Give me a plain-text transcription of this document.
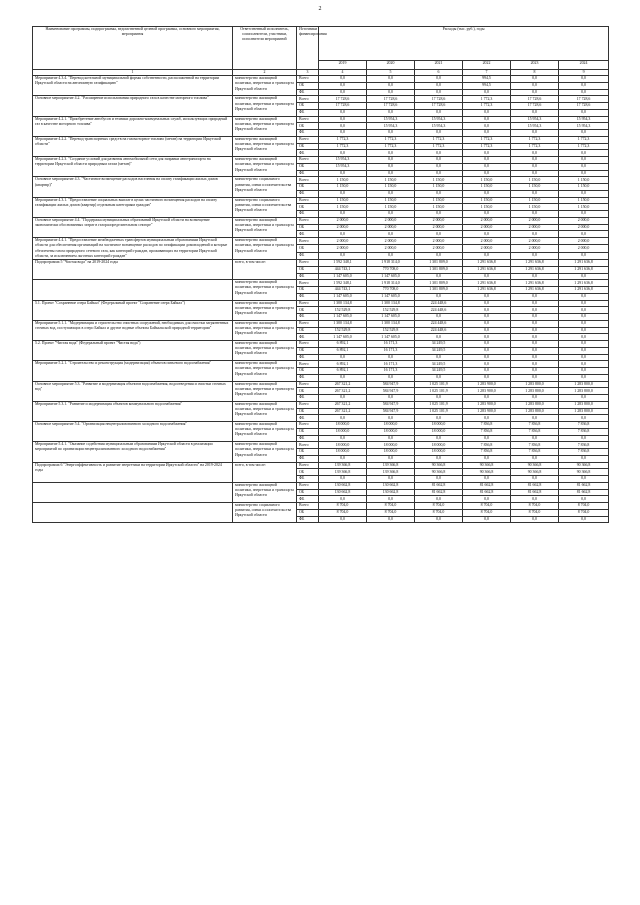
2
Наименование программы, подпрограммы, ведомственной целевой программы, основного мероприятия, мероприятия	Ответственный исполнитель, соисполнители, участники, исполнители мероприятий	Источники финансирования	Расходы (тыс. руб.), годы					
			2019	2020	2021	2022	2023	2024
1	2	3	4	5	6	7	8	9
Мероприятие 4.3.4. "Перевод котельной муниципальной формы собственности, расположенной на территории Иркутской области на автономную газификацию"	министерство жилищной политики, энергетики и транспорта Иркутской области	Всего	0,0	0,0	0,0	994,5	0,0	0,0
		ОБ	0,0	0,0	0,0	994,5	0,0	0,0
		ФБ	0,0	0,0	0,0	0,0	0,0	0,0
Основное мероприятие 4.2. "Расширение использования природного газа в качестве моторного топлива"	министерство жилищной политики, энергетики и транспорта Иркутской области	Всего	17 728,6	17 728,6	17 728,6	1 772,3	17 728,6	17 728,6
		ОБ	17 728,6	17 728,6	17 728,6	1 772,3	17 728,6	17 728,6
		ФБ	0,0	0,0	0,0	0,0	0,0	0,0
Мероприятие 4.2.1. "Приобретение автобусов и техники дорожно-коммунальных служб, использующих природный газ в качестве моторного топлива"	министерство жилищной политики, энергетики и транспорта Иркутской области	Всего	0,0	15 954,3	15 954,3	0,0	15 954,3	15 954,3
		ОБ	0,0	15 954,3	15 954,3	0,0	15 954,3	15 954,3
		ФБ	0,0	0,0	0,0	0,0	0,0	0,0
Мероприятие 4.2.2. "Перевод транспортных средств на газомоторное топливо (метан) на территории Иркутской области"	министерство жилищной политики, энергетики и транспорта Иркутской области	Всего	1 772,3	1 772,3	1 772,3	1 772,3	1 772,3	1 772,3
		ОБ	1 772,3	1 772,3	1 772,3	1 772,3	1 772,3	1 772,3
		ФБ	0,0	0,0	0,0	0,0	0,0	0,0
Мероприятие 4.2.3. "Создание условий для развития автомобильной сети для заправки автотранспорта на территории Иркутской области природным газом (метан)"	министерство жилищной политики, энергетики и транспорта Иркутской области	Всего	15 954,3	0,0	0,0	0,0	0,0	0,0
		ОБ	15 954,3	0,0	0,0	0,0	0,0	0,0
		ФБ	0,0	0,0	0,0	0,0	0,0	0,0
Основное мероприятие 4.3. "Частичное возмещение расходов населения на оплату газификации жилых домов (квартир)"	министерство социального развития, опеки и попечительства Иркутской области	Всего	1 150,0	1 150,0	1 150,0	1 150,0	1 150,0	1 150,0
		ОБ	1 150,0	1 150,0	1 150,0	1 150,0	1 150,0	1 150,0
		ФБ	0,0	0,0	0,0	0,0	0,0	0,0
Мероприятие 4.3.1. "Предоставление социальных выплат в целях частичного возмещения расходов на оплату газификации жилых домов (квартир) отдельным категориям граждан"	министерство социального развития, опеки и попечительства Иркутской области	Всего	1 150,0	1 150,0	1 150,0	1 150,0	1 150,0	1 150,0
		ОБ	1 150,0	1 150,0	1 150,0	1 150,0	1 150,0	1 150,0
		ФБ	0,0	0,0	0,0	0,0	0,0	0,0
Основное мероприятие 4.4. "Поддержка муниципальных образований Иркутской области на возмещение экономически обоснованных затрат в газораспределительном секторе"	министерство жилищной политики, энергетики и транспорта Иркутской области	Всего	2 000,0	2 000,0	2 000,0	2 000,0	2 000,0	2 000,0
		ОБ	2 000,0	2 000,0	2 000,0	2 000,0	2 000,0	2 000,0
		ФБ	0,0	0,0	0,0	0,0	0,0	0,0
Мероприятие 4.4.1. "Предоставление межбюджетных трансфертов муниципальным образованиям Иркутской области для обеспечения организаций на частичное возмещение расходов по газификации домовладений и которые обеспечены газом природного сетевого газа, как категорий граждан, проживающих на территории Иркутской области, за исключением льготных категорий граждан"	министерство жилищной политики, энергетики и транспорта Иркутской области	Всего	2 000,0	2 000,0	2 000,0	2 000,0	2 000,0	2 000,0
		ОБ	2 000,0	2 000,0	2 000,0	2 000,0	2 000,0	2 000,0
		ФБ	0,0	0,0	0,0	0,0	0,0	0,0
Подпрограмма 5 "Чистая вода" на 2019-2024 годы	всего, в том числе:	Всего	1 592 348,1	1 918 314,0	1 301 809,0	1 291 636,8	1 291 636,8	1 291 636,8
		ОБ	444 743,1	770 708,0	1 301 809,0	1 291 636,8	1 291 636,8	1 291 636,8
		ФБ	1 147 605,0	1 147 605,0	0,0	0,0	0,0	0,0
	министерство жилищной политики, энергетики и транспорта Иркутской области	Всего	1 592 348,1	1 918 314,0	1 301 809,0	1 291 636,8	1 291 636,8	1 291 636,8
		ОБ	444 743,1	770 708,0	1 301 809,0	1 291 636,8	1 291 636,8	1 291 636,8
		ФБ	1 147 605,0	1 147 605,0	0,0	0,0	0,0	0,0
5.1. Проект "Сохранение озера Байкал" (Федеральный проект "Сохранение озера Байкал")	министерство жилищной политики, энергетики и транспорта Иркутской области	Всего	1 300 134,8	1 300 134,8	224 448,6	0,0	0,0	0,0
		ОБ	152 529,8	152 529,8	224 448,6	0,0	0,0	0,0
		ФБ	1 147 605,0	1 147 605,0	0,0	0,0	0,0	0,0
Мероприятие 5.1.1. "Модернизация и строительство очистных сооружений, необходимых для очистки загрязненных сточных вод, поступающих в озеро Байкал и другие водные объекты Байкальской природной территории"	министерство жилищной политики, энергетики и транспорта Иркутской области	Всего	1 300 134,8	1 300 134,8	224 448,6	0,0	0,0	0,0
		ОБ	152 529,8	152 529,8	224 448,6	0,0	0,0	0,0
		ФБ	1 147 605,0	1 147 605,0	0,0	0,0	0,0	0,0
5.2. Проект "Чистая вода" (Федеральный проект "Чистая вода")	министерство жилищной политики, энергетики и транспорта Иркутской области	Всего	6 892,1	16 171,3	34 249,5	0,0	0,0	0,0
		ОБ	6 892,1	16 171,3	34 249,5	0,0	0,0	0,0
		ФБ	0,0	0,0	0,0	0,0	0,0	0,0
Мероприятие 5.2.1. "Строительство и реконструкция (модернизация) объектов питьевого водоснабжения"	министерство жилищной политики, энергетики и транспорта Иркутской области	Всего	6 892,1	16 171,3	34 249,5	0,0	0,0	0,0
		ОБ	6 892,1	16 171,3	34 249,5	0,0	0,0	0,0
		ФБ	0,0	0,0	0,0	0,0	0,0	0,0
Основное мероприятие 5.3. "Развитие и модернизация объектов водоснабжения, водоотведения и очистки сточных вод"	министерство жилищной политики, энергетики и транспорта Иркутской области	Всего	267 321,2	584 947,9	1 025 101,9	1 283 900,0	1 283 800,0	1 283 800,0
		ОБ	267 321,2	584 947,9	1 025 101,9	1 283 900,0	1 283 800,0	1 283 800,0
		ФБ	0,0	0,0	0,0	0,0	0,0	0,0
Мероприятие 5.3.1. "Развитие и модернизация объектов коммунального водоснабжения"	министерство жилищной политики, энергетики и транспорта Иркутской области	Всего	267 321,2	584 947,9	1 025 101,9	1 283 900,0	1 283 800,0	1 283 800,0
		ОБ	267 321,2	584 947,9	1 025 101,9	1 283 900,0	1 283 800,0	1 283 800,0
		ФБ	0,0	0,0	0,0	0,0	0,0	0,0
Основное мероприятие 5.4. "Организация нецентрализованного холодного водоснабжения"	министерство жилищной политики, энергетики и транспорта Иркутской области	Всего	18 000,0	18 000,0	18 000,0	7 836,8	7 836,8	7 836,8
		ОБ	18 000,0	18 000,0	18 000,0	7 836,8	7 836,8	7 836,8
		ФБ	0,0	0,0	0,0	0,0	0,0	0,0
Мероприятие 5.4.1. "Оказание содействия муниципальным образованиям Иркутской области в реализации мероприятий по организации нецентрализованного холодного водоснабжения"	министерство жилищной политики, энергетики и транспорта Иркутской области	Всего	18 000,0	18 000,0	18 000,0	7 836,8	7 836,8	7 836,8
		ОБ	18 000,0	18 000,0	18 000,0	7 836,8	7 836,8	7 836,8
		ФБ	0,0	0,0	0,0	0,0	0,0	0,0
Подпрограмма 6 "Энергоэффективность и развитие энергетики на территории Иркутской области" на 2019-2024 годы	всего, в том числе:	Всего	139 366,8	139 366,8	90 366,8	90 366,8	90 366,8	90 366,8
		ОБ	139 366,8	139 366,8	90 366,8	90 366,8	90 366,8	90 366,8
		ФБ	0,0	0,0	0,0	0,0	0,0	0,0
	министерство жилищной политики, энергетики и транспорта Иркутской области	Всего	130 662,8	130 662,8	81 662,8	81 662,8	81 662,8	81 662,8
		ОБ	130 662,8	130 662,8	81 662,8	81 662,8	81 662,8	81 662,8
		ФБ	0,0	0,0	0,0	0,0	0,0	0,0
	министерство социального развития, опеки и попечительства Иркутской области	Всего	8 704,0	8 704,0	8 704,0	8 704,0	8 704,0	8 704,0
		ОБ	8 704,0	8 704,0	8 704,0	8 704,0	8 704,0	8 704,0
		ФБ	0,0	0,0	0,0	0,0	0,0	0,0
